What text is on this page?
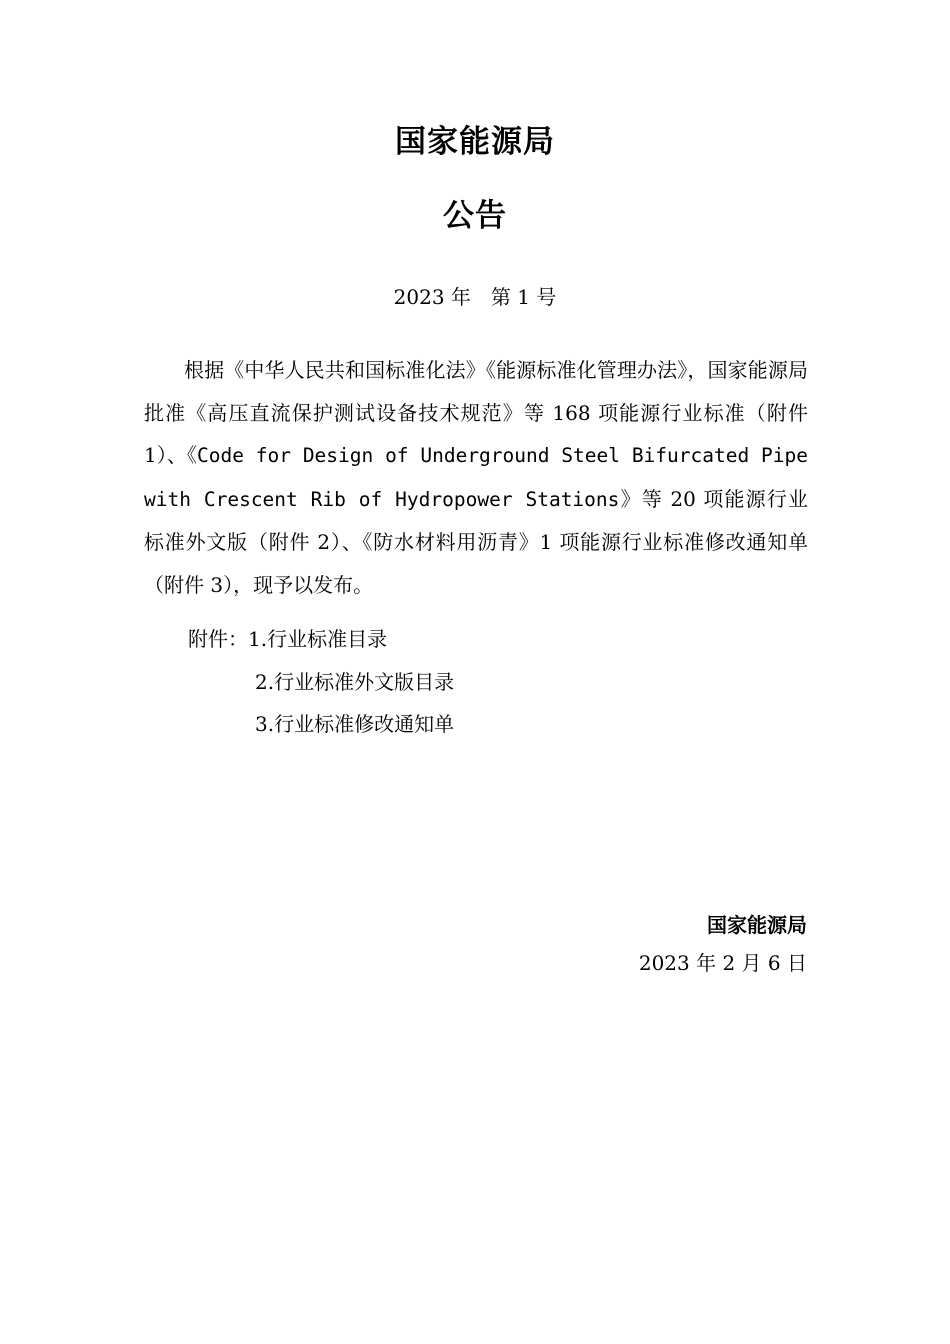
国家能源局
公告
2023 年　第 1 号

根据《中华人民共和国标准化法》《能源标准化管理办法》，国家能源局批准《高压直流保护测试设备技术规范》等 168 项能源行业标准（附件 1）、《Code for Design of Underground Steel Bifurcated Pipe with Crescent Rib of Hydropower Stations》等 20 项能源行业标准外文版（附件 2）、《防水材料用沥青》1 项能源行业标准修改通知单（附件 3），现予以发布。

附件：1.行业标准目录
2.行业标准外文版目录
3.行业标准修改通知单
国家能源局
2023 年 2 月 6 日
